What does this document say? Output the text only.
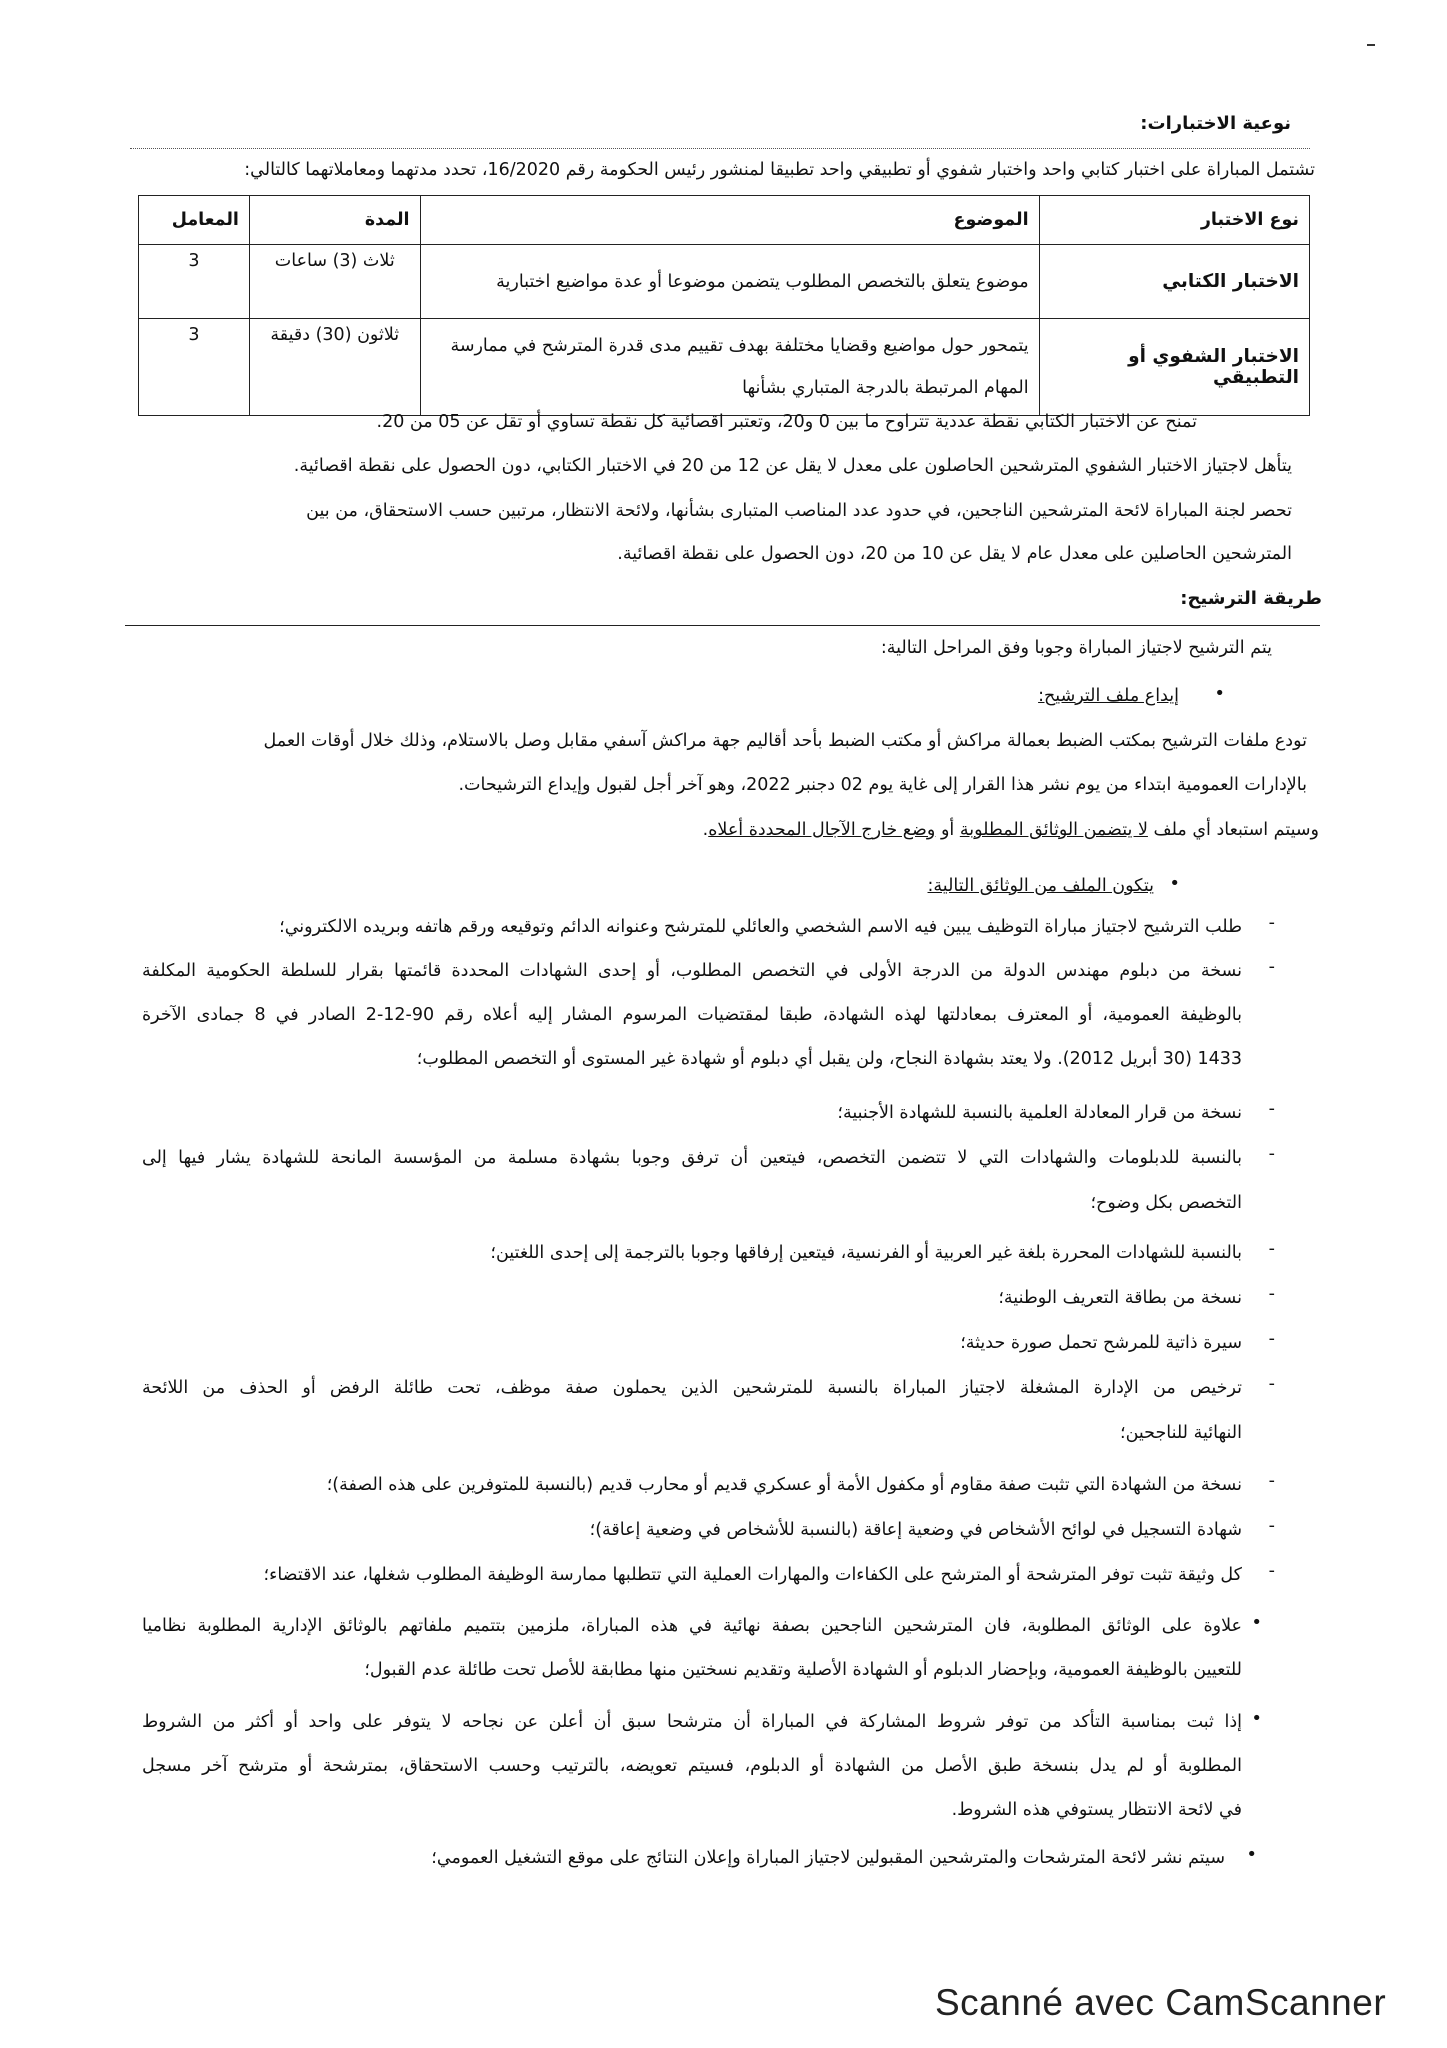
نوعية الاختبارات:
تشتمل المباراة على اختبار كتابي واحد واختبار شفوي أو تطبيقي واحد تطبيقا لمنشور رئيس الحكومة رقم 16/2020، تحدد مدتهما ومعاملاتهما كالتالي:
نوع الاختبار	الموضوع	المدة	المعامل
الاختبار الكتابي	موضوع يتعلق بالتخصص المطلوب يتضمن موضوعا أو عدة مواضيع اختبارية	ثلاث (3) ساعات	3
الاختبار الشفوي أو التطبيقي	يتمحور حول مواضيع وقضايا مختلفة بهدف تقييم مدى قدرة المترشح في ممارسة المهام المرتبطة بالدرجة المتباري بشأنها	ثلاثون (30) دقيقة	3
تمنح عن الاختبار الكتابي نقطة عددية تتراوح ما بين 0 و20، وتعتبر اقصائية كل نقطة تساوي أو تقل عن 05 من 20.
يتأهل لاجتياز الاختبار الشفوي المترشحين الحاصلون على معدل لا يقل عن 12 من 20 في الاختبار الكتابي، دون الحصول على نقطة اقصائية.
تحصر لجنة المباراة لائحة المترشحين الناجحين، في حدود عدد المناصب المتبارى بشأنها، ولائحة الانتظار، مرتبين حسب الاستحقاق، من بين
المترشحين الحاصلين على معدل عام لا يقل عن 10 من 20، دون الحصول على نقطة اقصائية.
طريقة الترشيح:
يتم الترشيح لاجتياز المباراة وجوبا وفق المراحل التالية:
•
إيداع ملف الترشيح:
تودع ملفات الترشيح بمكتب الضبط بعمالة مراكش أو مكتب الضبط بأحد أقاليم جهة مراكش آسفي مقابل وصل بالاستلام، وذلك خلال أوقات العمل
بالإدارات العمومية ابتداء من يوم نشر هذا القرار إلى غاية يوم 02 دجنبر 2022، وهو آخر أجل لقبول وإيداع الترشيحات.
وسيتم استبعاد أي ملف لا يتضمن الوثائق المطلوبة أو وضع خارج الآجال المحددة أعلاه.
•
يتكون الملف من الوثائق التالية:
-
طلب الترشيح لاجتياز مباراة التوظيف يبين فيه الاسم الشخصي والعائلي للمترشح وعنوانه الدائم وتوقيعه ورقم هاتفه وبريده الالكتروني؛
-
نسخة من دبلوم مهندس الدولة من الدرجة الأولى في التخصص المطلوب، أو إحدى الشهادات المحددة قائمتها بقرار للسلطة الحكومية المكلفة
بالوظيفة العمومية، أو المعترف بمعادلتها لهذه الشهادة، طبقا لمقتضيات المرسوم المشار إليه أعلاه رقم 90-12-2 الصادر في 8 جمادى الآخرة
1433 (30 أبريل 2012). ولا يعتد بشهادة النجاح، ولن يقبل أي دبلوم أو شهادة غير المستوى أو التخصص المطلوب؛
-
نسخة من قرار المعادلة العلمية بالنسبة للشهادة الأجنبية؛
-
بالنسبة للدبلومات والشهادات التي لا تتضمن التخصص، فيتعين أن ترفق وجوبا بشهادة مسلمة من المؤسسة المانحة للشهادة يشار فيها إلى
التخصص بكل وضوح؛
-
بالنسبة للشهادات المحررة بلغة غير العربية أو الفرنسية، فيتعين إرفاقها وجوبا بالترجمة إلى إحدى اللغتين؛
-
نسخة من بطاقة التعريف الوطنية؛
-
سيرة ذاتية للمرشح تحمل صورة حديثة؛
-
ترخيص من الإدارة المشغلة لاجتياز المباراة بالنسبة للمترشحين الذين يحملون صفة موظف، تحت طائلة الرفض أو الحذف من اللائحة
النهائية للناجحين؛
-
نسخة من الشهادة التي تثبت صفة مقاوم أو مكفول الأمة أو عسكري قديم أو محارب قديم (بالنسبة للمتوفرين على هذه الصفة)؛
-
شهادة التسجيل في لوائح الأشخاص في وضعية إعاقة (بالنسبة للأشخاص في وضعية إعاقة)؛
-
كل وثيقة تثبت توفر المترشحة أو المترشح على الكفاءات والمهارات العملية التي تتطلبها ممارسة الوظيفة المطلوب شغلها، عند الاقتضاء؛
•
علاوة على الوثائق المطلوبة، فان المترشحين الناجحين بصفة نهائية في هذه المباراة، ملزمين بتتميم ملفاتهم بالوثائق الإدارية المطلوبة نظاميا
للتعيين بالوظيفة العمومية، وبإحضار الدبلوم أو الشهادة الأصلية وتقديم نسختين منها مطابقة للأصل تحت طائلة عدم القبول؛
•
إذا ثبت بمناسبة التأكد من توفر شروط المشاركة في المباراة أن مترشحا سبق أن أعلن عن نجاحه لا يتوفر على واحد أو أكثر من الشروط
المطلوبة أو لم يدل بنسخة طبق الأصل من الشهادة أو الدبلوم، فسيتم تعويضه، بالترتيب وحسب الاستحقاق، بمترشحة أو مترشح آخر مسجل
في لائحة الانتظار يستوفي هذه الشروط.
•
سيتم نشر لائحة المترشحات والمترشحين المقبولين لاجتياز المباراة وإعلان النتائج على موقع التشغيل العمومي؛
Scanné avec CamScanner
